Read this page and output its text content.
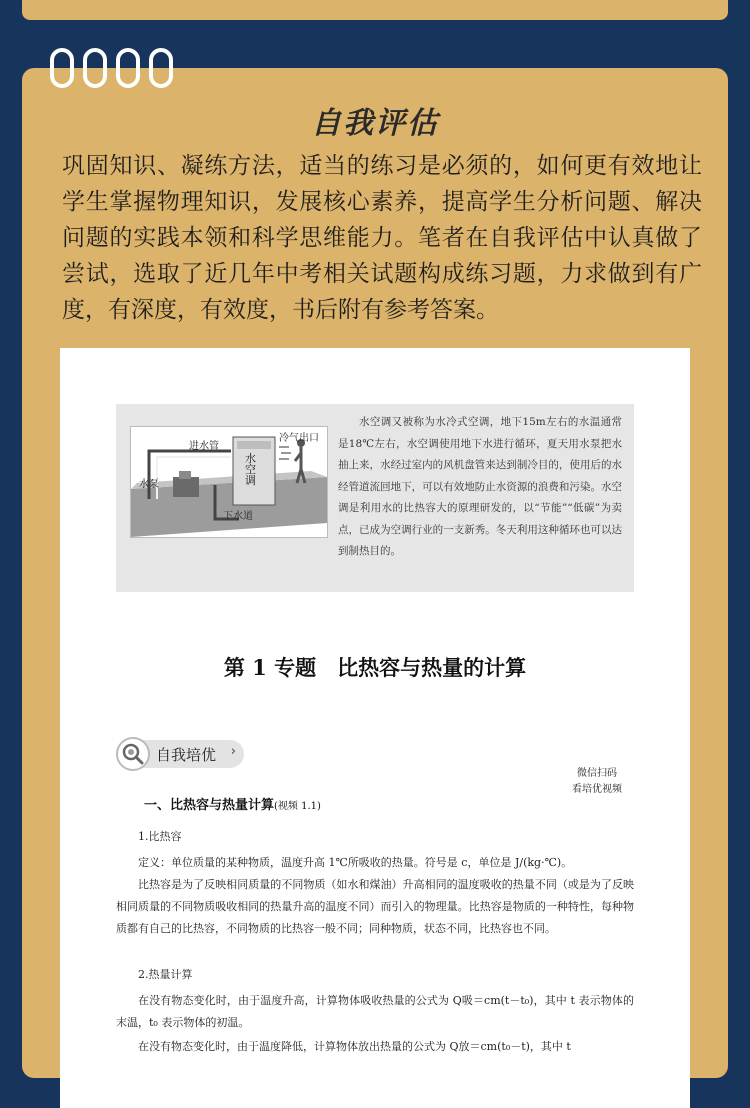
自我评估
巩固知识、凝练方法，适当的练习是必须的，如何更有效地让学生掌握物理知识，发展核心素养，提高学生分析问题、解决问题的实践本领和科学思维能力。笔者在自我评估中认真做了尝试，选取了近几年中考相关试题构成练习题，力求做到有广度，有深度，有效度，书后附有参考答案。
进水管
冷气出口
水泵
水空调
下水道
水空调又被称为水冷式空调，地下15m左右的水温通常是18℃左右，水空调使用地下水进行循环，夏天用水泵把水抽上来，水经过室内的风机盘管来达到制冷目的，使用后的水经管道流回地下，可以有效地防止水资源的浪费和污染。水空调是利用水的比热容大的原理研发的，以“节能”“低碳”为卖点，已成为空调行业的一支新秀。冬天利用这种循环也可以达到制热目的。
第 1 专题　比热容与热量的计算
自我培优 ›
微信扫码
看培优视频
一、比热容与热量计算(视频 1.1)
1.比热容
定义：单位质量的某种物质，温度升高 1℃所吸收的热量。符号是 c，单位是 J/(kg·℃)。
比热容是为了反映相同质量的不同物质（如水和煤油）升高相同的温度吸收的热量不同（或是为了反映相同质量的不同物质吸收相同的热量升高的温度不同）而引入的物理量。比热容是物质的一种特性，每种物质都有自己的比热容，不同物质的比热容一般不同；同种物质，状态不同，比热容也不同。
2.热量计算
在没有物态变化时，由于温度升高，计算物体吸收热量的公式为 Q吸＝cm(t－t₀)，其中 t 表示物体的末温，t₀ 表示物体的初温。
在没有物态变化时，由于温度降低，计算物体放出热量的公式为 Q放＝cm(t₀－t)，其中 t
